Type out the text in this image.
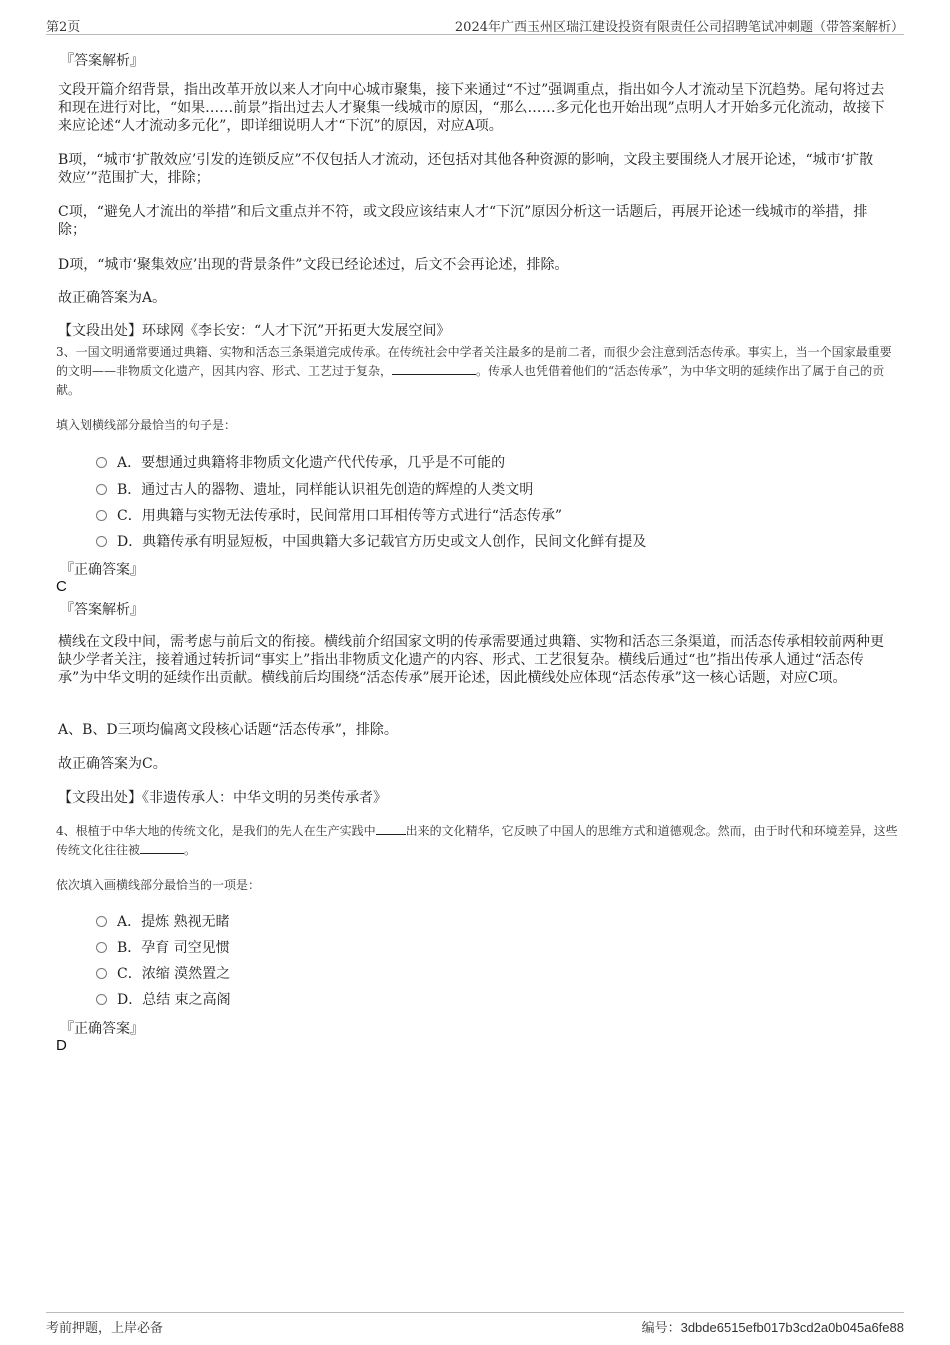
第2页	2024年广西玉州区瑞江建设投资有限责任公司招聘笔试冲刺题（带答案解析）
『答案解析』
文段开篇介绍背景，指出改革开放以来人才向中心城市聚集，接下来通过“不过”强调重点，指出如今人才流动呈下沉趋势。尾句将过去和现在进行对比，“如果……前景”指出过去人才聚集一线城市的原因，“那么……多元化也开始出现”点明人才开始多元化流动，故接下来应论述“人才流动多元化”，即详细说明人才“下沉”的原因，对应A项。
B项，“城市‘扩散效应’引发的连锁反应”不仅包括人才流动，还包括对其他各种资源的影响，文段主要围绕人才展开论述，“城市‘扩散效应’”范围扩大，排除；
C项，“避免人才流出的举措”和后文重点并不符，或文段应该结束人才“下沉”原因分析这一话题后，再展开论述一线城市的举措，排除；
D项，“城市‘聚集效应’出现的背景条件”文段已经论述过，后文不会再论述，排除。
故正确答案为A。
【文段出处】环球网《李长安：“人才下沉”开拓更大发展空间》
3、一国文明通常要通过典籍、实物和活态三条渠道完成传承。在传统社会中学者关注最多的是前二者，而很少会注意到活态传承。事实上，当一个国家最重要的文明——非物质文化遗产，因其内容、形式、工艺过于复杂，	。传承人也凭借着他们的“活态传承”，为中华文明的延续作出了属于自己的贡献。
填入划横线部分最恰当的句子是：
A．要想通过典籍将非物质文化遗产代代传承，几乎是不可能的
B．通过古人的器物、遗址，同样能认识祖先创造的辉煌的人类文明
C．用典籍与实物无法传承时，民间常用口耳相传等方式进行“活态传承”
D．典籍传承有明显短板，中国典籍大多记载官方历史或文人创作，民间文化鲜有提及
『正确答案』
C
『答案解析』
横线在文段中间，需考虑与前后文的衔接。横线前介绍国家文明的传承需要通过典籍、实物和活态三条渠道，而活态传承相较前两种更缺少学者关注，接着通过转折词“事实上”指出非物质文化遗产的内容、形式、工艺很复杂。横线后通过“也”指出传承人通过“活态传承”为中华文明的延续作出贡献。横线前后均围绕“活态传承”展开论述，因此横线处应体现“活态传承”这一核心话题，对应C项。
A、B、D三项均偏离文段核心话题“活态传承”，排除。
故正确答案为C。
【文段出处】《非遗传承人：中华文明的另类传承者》
4、根植于中华大地的传统文化，是我们的先人在生产实践中	出来的文化精华，它反映了中国人的思维方式和道德观念。然而，由于时代和环境差异，这些传统文化往往被	。
依次填入画横线部分最恰当的一项是：
A．提炼 熟视无睹
B．孕育 司空见惯
C．浓缩 漠然置之
D．总结 束之高阁
『正确答案』
D
考前押题，上岸必备	编号：3dbde6515efb017b3cd2a0b045a6fe88
